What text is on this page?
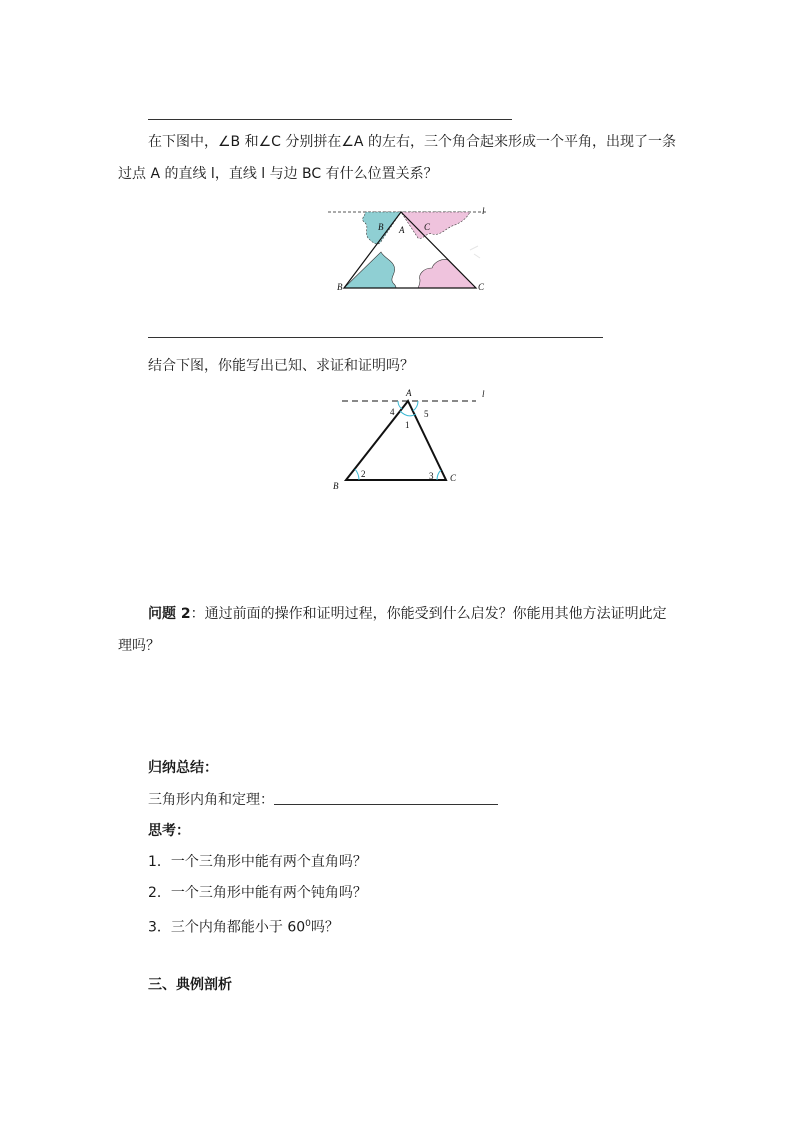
在下图中，∠B 和∠C 分别拼在∠A 的左右，三个角合起来形成一个平角，出现了一条过点 A 的直线 l，直线 l 与边 BC 有什么位置关系？
l
A
B	C
B	C
结合下图，你能写出已知、求证和证明吗？
A	l
B
C
4	5
1
2	3
问题 2：通过前面的操作和证明过程，你能受到什么启发？你能用其他方法证明此定理吗？
归纳总结：
三角形内角和定理：
思考：
1．一个三角形中能有两个直角吗？
2．一个三角形中能有两个钝角吗？
3．三个内角都能小于 $60^0$吗？
三、典例剖析
